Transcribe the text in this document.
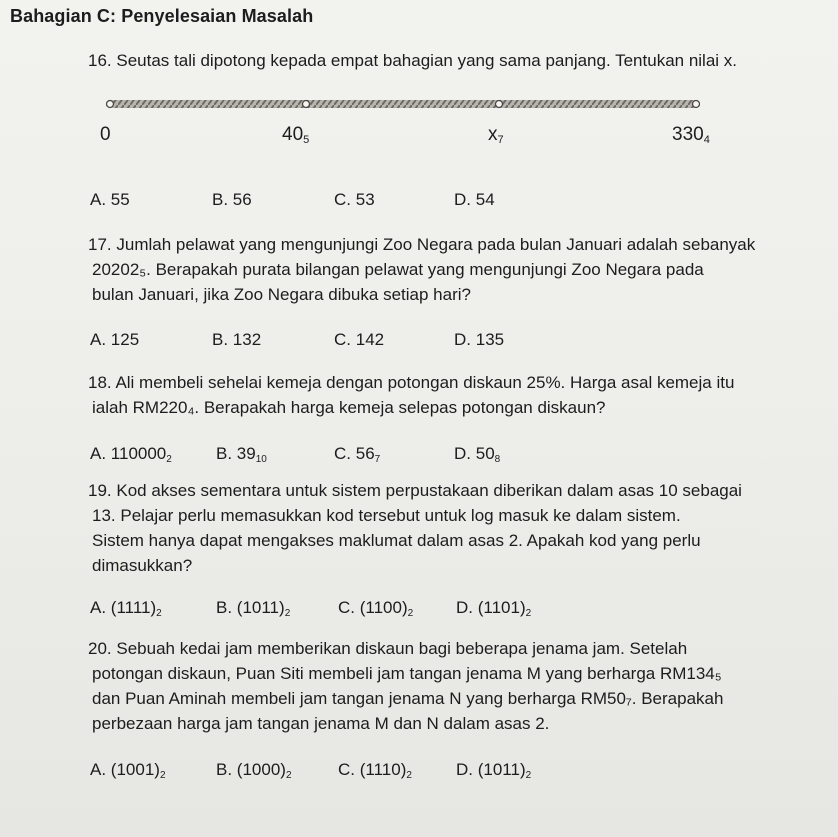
Bahagian C: Penyelesaian Masalah
16. Seutas tali dipotong kepada empat bahagian yang sama panjang. Tentukan nilai x.
0	$40_5$	$x_7$	$330_4$
A. 55	B. 56	C. 53	D. 54
17. Jumlah pelawat yang mengunjungi Zoo Negara pada bulan Januari adalah sebanyak
20202₅. Berapakah purata bilangan pelawat yang mengunjungi Zoo Negara pada
bulan Januari, jika Zoo Negara dibuka setiap hari?
A. 125	B. 132	C. 142	D. 135
18. Ali membeli sehelai kemeja dengan potongan diskaun 25%. Harga asal kemeja itu
ialah RM220₄. Berapakah harga kemeja selepas potongan diskaun?
A. $110000_2$	B. $39_{10}$	C. $56_7$	D. $50_8$
19. Kod akses sementara untuk sistem perpustakaan diberikan dalam asas 10 sebagai
13. Pelajar perlu memasukkan kod tersebut untuk log masuk ke dalam sistem.
Sistem hanya dapat mengakses maklumat dalam asas 2. Apakah kod yang perlu
dimasukkan?
A. $(1111)_2$	B. $(1011)_2$	C. $(1100)_2$	D. $(1101)_2$
20. Sebuah kedai jam memberikan diskaun bagi beberapa jenama jam. Setelah
potongan diskaun, Puan Siti membeli jam tangan jenama M yang berharga RM134₅
dan Puan Aminah membeli jam tangan jenama N yang berharga RM50₇. Berapakah
perbezaan harga jam tangan jenama M dan N dalam asas 2.
A. $(1001)_2$	B. $(1000)_2$	C. $(1110)_2$	D. $(1011)_2$
